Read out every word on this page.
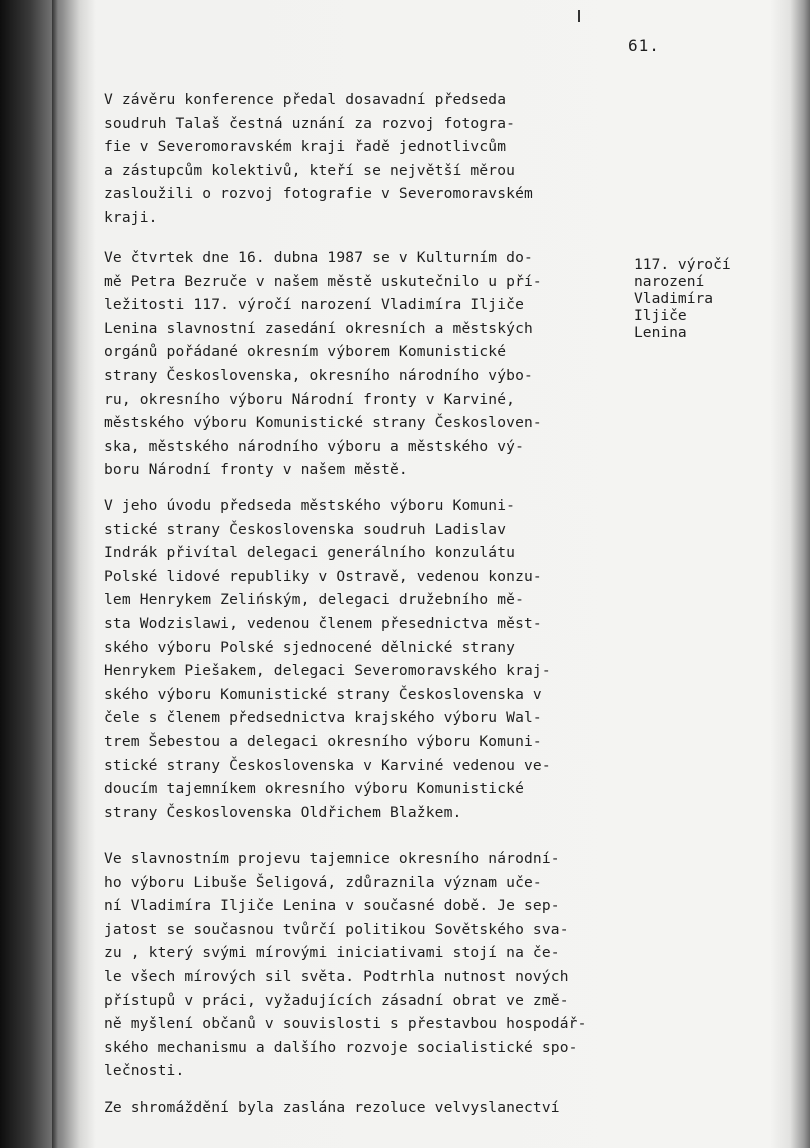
61.

V závěru konference předal dosavadní předseda
soudruh Talaš čestná uznání za rozvoj fotogra-
fie v Severomoravském kraji řadě jednotlivcům
a zástupcům kolektivů, kteří se největší měrou
zasloužili o rozvoj fotografie v Severomoravském
kraji.

Ve čtvrtek dne 16. dubna 1987 se v Kulturním do-
mě Petra Bezruče v našem městě uskutečnilo u pří-
ležitosti 117. výročí narození Vladimíra Iljiče
Lenina slavnostní zasedání okresních a městských
orgánů pořádané okresním výborem Komunistické
strany Československa, okresního národního výbo-
ru, okresního výboru Národní fronty v Karviné,
městského výboru Komunistické strany Českosloven-
ska, městského národního výboru a městského vý-
boru Národní fronty v našem městě.

V jeho úvodu předseda městského výboru Komuni-
stické strany Československa soudruh Ladislav
Indrák přivítal delegaci generálního konzulátu
Polské lidové republiky v Ostravě, vedenou konzu-
lem Henrykem Zelińským, delegaci družebního mě-
sta Wodzislawi, vedenou členem přesednictva měst-
ského výboru Polské sjednocené dělnické strany
Henrykem Piešakem, delegaci Severomoravského kraj-
ského výboru Komunistické strany Československa v
čele s členem předsednictva krajského výboru Wal-
trem Šebestou a delegaci okresního výboru Komuni-
stické strany Československa v Karviné vedenou ve-
doucím tajemníkem okresního výboru Komunistické
strany Československa Oldřichem Blažkem.

Ve slavnostním projevu tajemnice okresního národní-
ho výboru Libuše Šeligová, zdůraznila význam uče-
ní Vladimíra Iljiče Lenina v současné době. Je sep-
jatost se současnou tvůrčí politikou Sovětského sva-
zu , který svými mírovými iniciativami stojí na če-
le všech mírových sil světa. Podtrhla nutnost nových
přístupů v práci, vyžadujících zásadní obrat ve změ-
ně myšlení občanů v souvislosti s přestavbou hospodář-
ského mechanismu a dalšího rozvoje socialistické spo-
lečnosti.

Ze shromáždění byla zaslána rezoluce velvyslanectví

117. výročí
narození
Vladimíra
Iljiče
Lenina
